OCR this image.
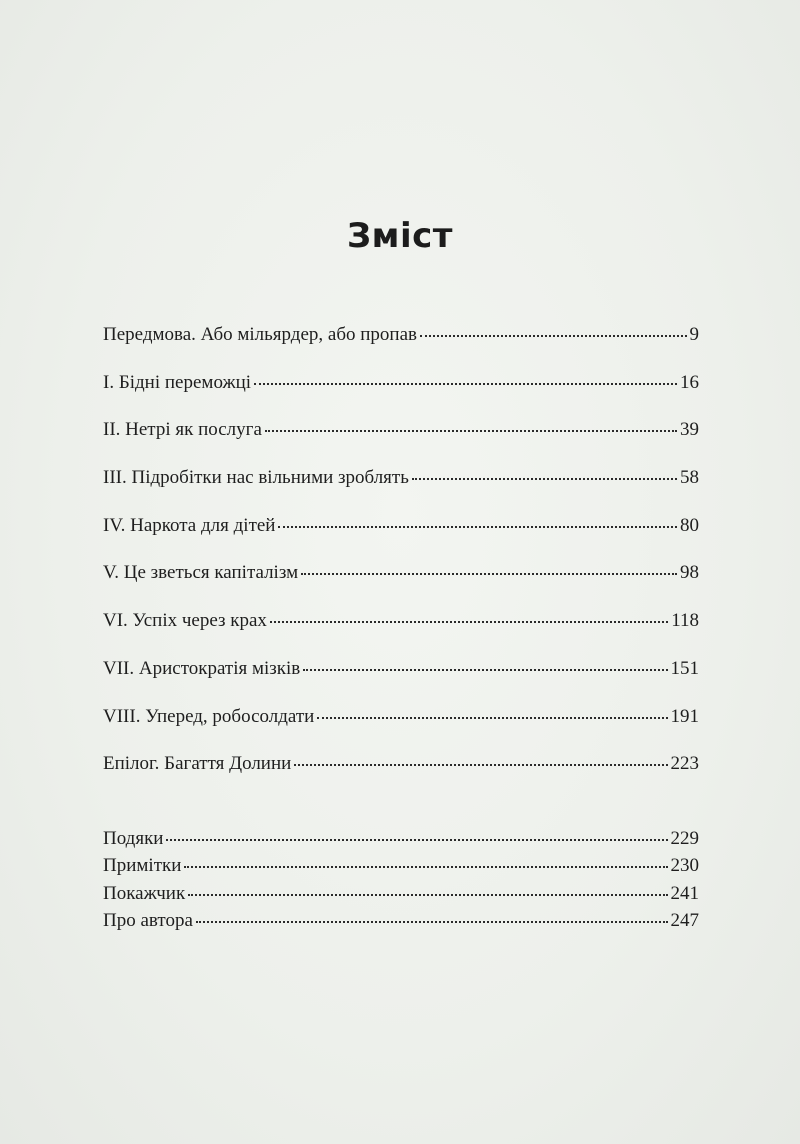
Зміст
Передмова. Або мільярдер, або пропав	9
I. Бідні переможці	16
II. Нетрі як послуга	39
III. Підробітки нас вільними зроблять	58
IV. Наркота для дітей	80
V. Це зветься капіталізм	98
VI. Успіх через крах	118
VII. Аристократія мізків	151
VIII. Уперед, робосолдати	191
Епілог. Багаття Долини	223
Подяки	229
Примітки	230
Покажчик	241
Про автора	247
